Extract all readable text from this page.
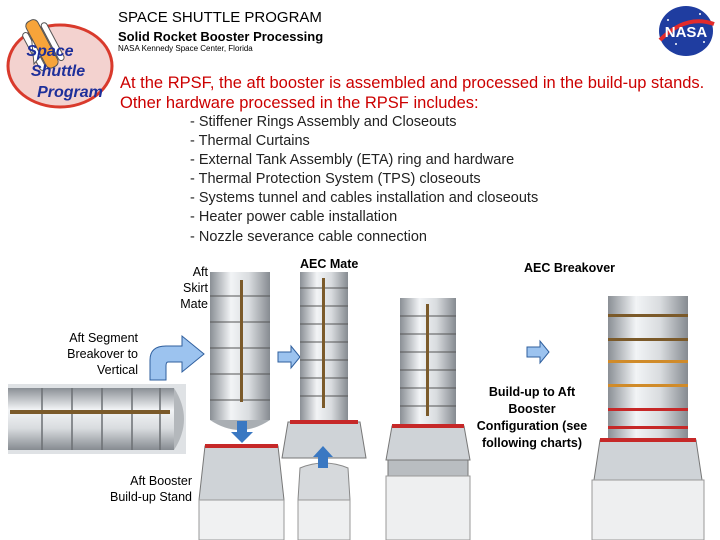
Space
Shuttle
Program
NASA
SPACE SHUTTLE PROGRAM
Solid Rocket Booster Processing
NASA Kennedy Space Center, Florida
At the RPSF, the aft booster is assembled and processed in the build-up stands. Other hardware processed in the RPSF includes:
- Stiffener Rings Assembly and Closeouts
- Thermal Curtains
- External Tank Assembly (ETA) ring and hardware
- Thermal Protection System (TPS) closeouts
- Systems tunnel and cables installation and closeouts
- Heater power cable installation
- Nozzle severance cable connection
Aft
Skirt
Mate
AEC Mate	AEC Breakover
Aft Segment
Breakover to
Vertical
Build-up to Aft
Booster
Configuration (see
following charts)
Aft Booster
Build-up Stand
